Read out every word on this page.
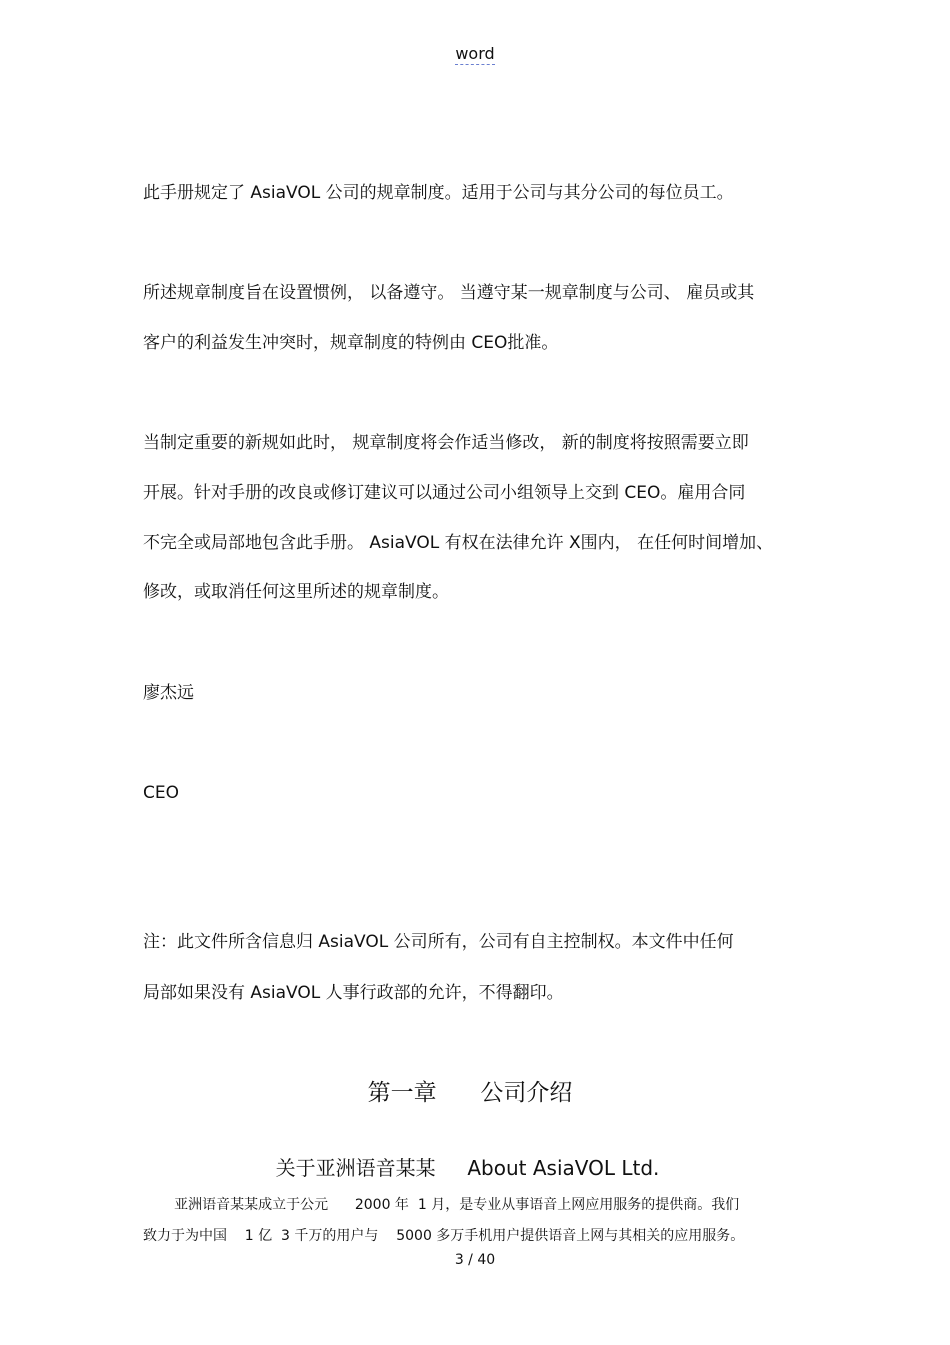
word
此手册规定了 AsiaVOL 公司的规章制度。适用于公司与其分公司的每位员工。
所述规章制度旨在设置惯例， 以备遵守。 当遵守某一规章制度与公司、 雇员或其
客户的利益发生冲突时，规章制度的特例由 CEO批准。
当制定重要的新规如此时， 规章制度将会作适当修改， 新的制度将按照需要立即
开展。针对手册的改良或修订建议可以通过公司小组领导上交到 CEO。雇用合同
不完全或局部地包含此手册。 AsiaVOL 有权在法律允许 X围内， 在任何时间增加、
修改，或取消任何这里所述的规章制度。
廖杰远
CEO
注：此文件所含信息归 AsiaVOL 公司所有，公司有自主控制权。本文件中任何
局部如果没有 AsiaVOL 人事行政部的允许，不得翻印。
第一章      公司介绍
关于亚洲语音某某     About AsiaVOL Ltd.
亚洲语音某某成立于公元      2000 年  1 月，是专业从事语音上网应用服务的提供商。我们
致力于为中国    1 亿  3 千万的用户与    5000 多万手机用户提供语音上网与其相关的应用服务。
3 / 40
